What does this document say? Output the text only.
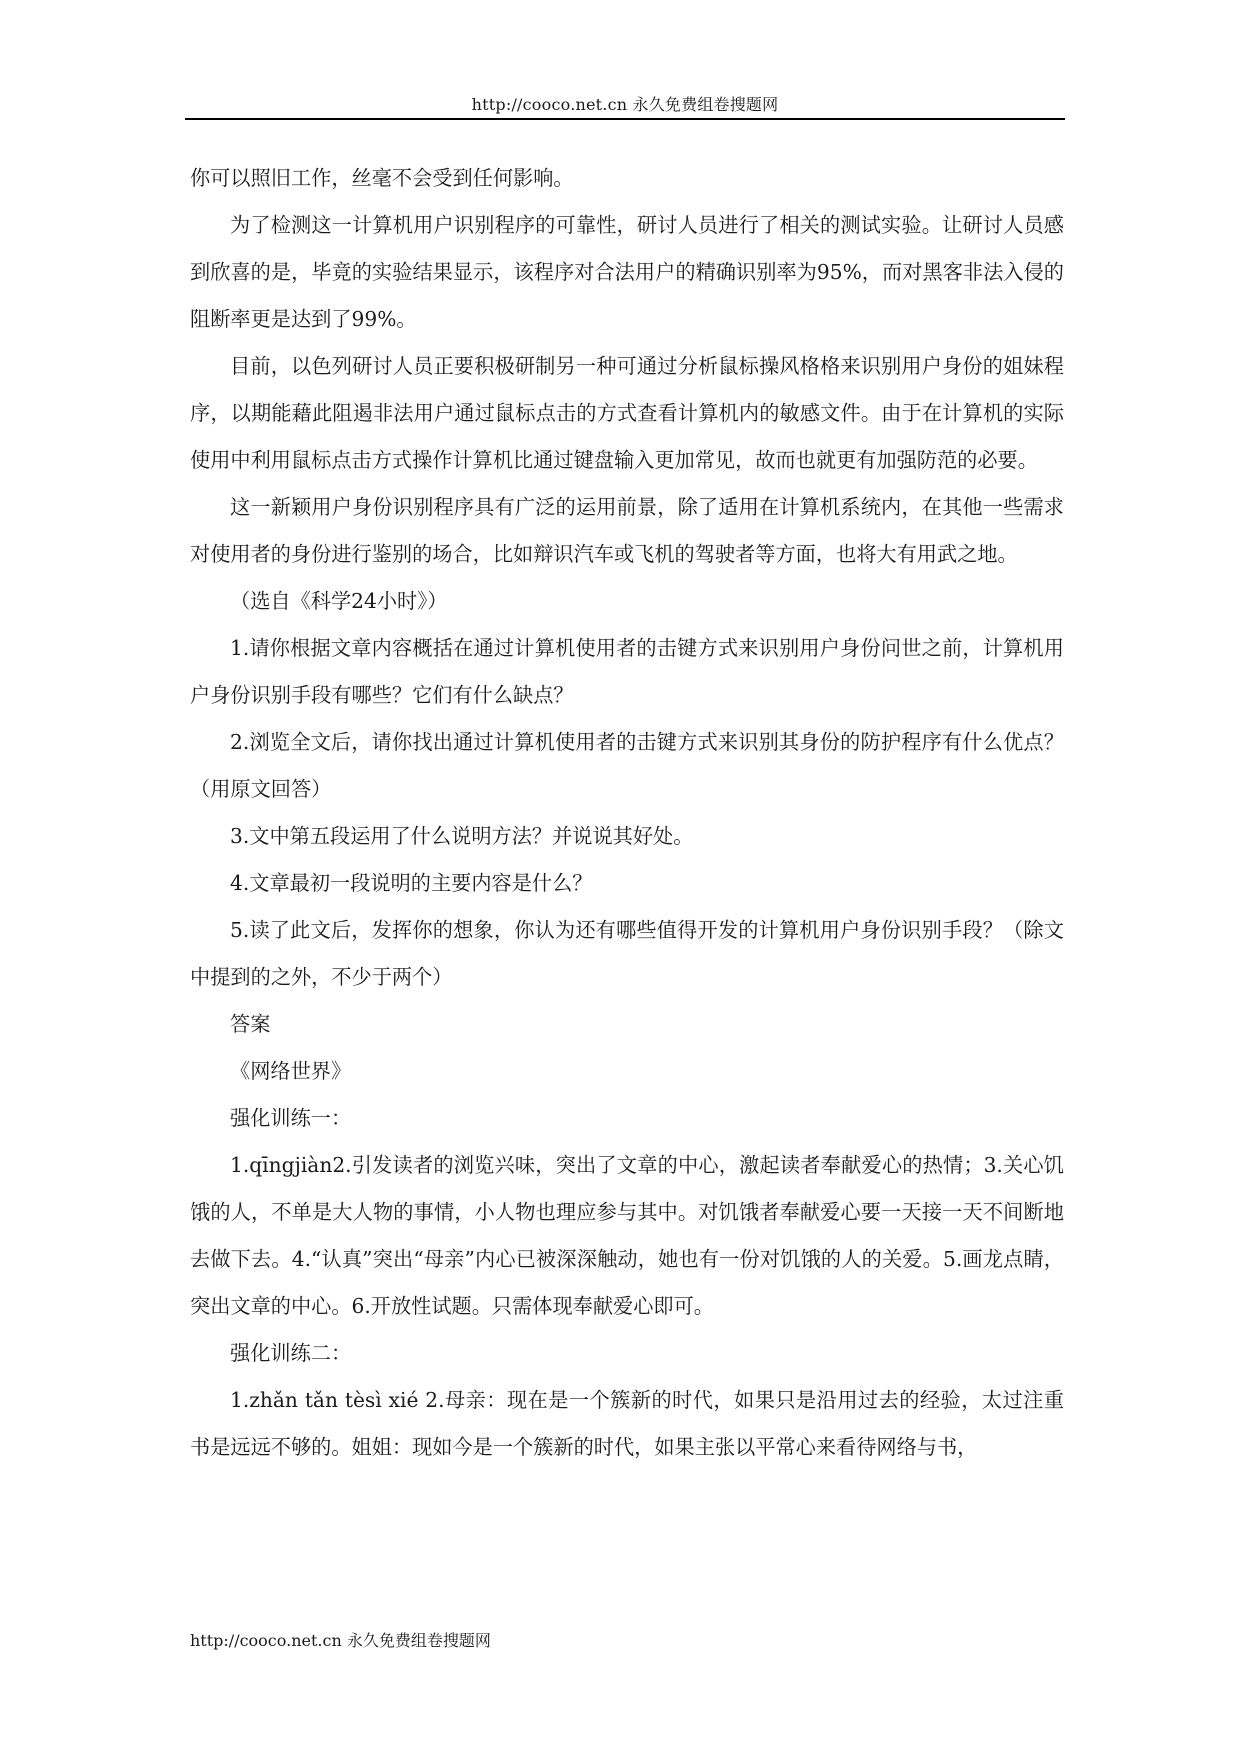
http://cooco.net.cn 永久免费组卷搜题网

你可以照旧工作，丝毫不会受到任何影响。

为了检测这一计算机用户识别程序的可靠性，研讨人员进行了相关的测试实验。让研讨人员感到欣喜的是，毕竟的实验结果显示，该程序对合法用户的精确识别率为95%，而对黑客非法入侵的阻断率更是达到了99%。

目前，以色列研讨人员正要积极研制另一种可通过分析鼠标操风格格来识别用户身份的姐妹程序，以期能藉此阻遏非法用户通过鼠标点击的方式查看计算机内的敏感文件。由于在计算机的实际使用中利用鼠标点击方式操作计算机比通过键盘输入更加常见，故而也就更有加强防范的必要。

这一新颖用户身份识别程序具有广泛的运用前景，除了适用在计算机系统内，在其他一些需求对使用者的身份进行鉴别的场合，比如辩识汽车或飞机的驾驶者等方面，也将大有用武之地。

（选自《科学24小时》）

1.请你根据文章内容概括在通过计算机使用者的击键方式来识别用户身份问世之前，计算机用户身份识别手段有哪些？它们有什么缺点？

2.浏览全文后，请你找出通过计算机使用者的击键方式来识别其身份的防护程序有什么优点？（用原文回答）

3.文中第五段运用了什么说明方法？并说说其好处。

4.文章最初一段说明的主要内容是什么？

5.读了此文后，发挥你的想象，你认为还有哪些值得开发的计算机用户身份识别手段？（除文中提到的之外，不少于两个）

答案

《网络世界》

强化训练一：

1.qīngjiàn2.引发读者的浏览兴味，突出了文章的中心，激起读者奉献爱心的热情；3.关心饥饿的人，不单是大人物的事情，小人物也理应参与其中。对饥饿者奉献爱心要一天接一天不间断地去做下去。4.“认真”突出“母亲”内心已被深深触动，她也有一份对饥饿的人的关爱。5.画龙点睛，突出文章的中心。6.开放性试题。只需体现奉献爱心即可。

强化训练二：

1.zhǎn tǎn tèsì xié 2.母亲：现在是一个簇新的时代，如果只是沿用过去的经验，太过注重书是远远不够的。姐姐：现如今是一个簇新的时代，如果主张以平常心来看待网络与书，

http://cooco.net.cn 永久免费组卷搜题网
